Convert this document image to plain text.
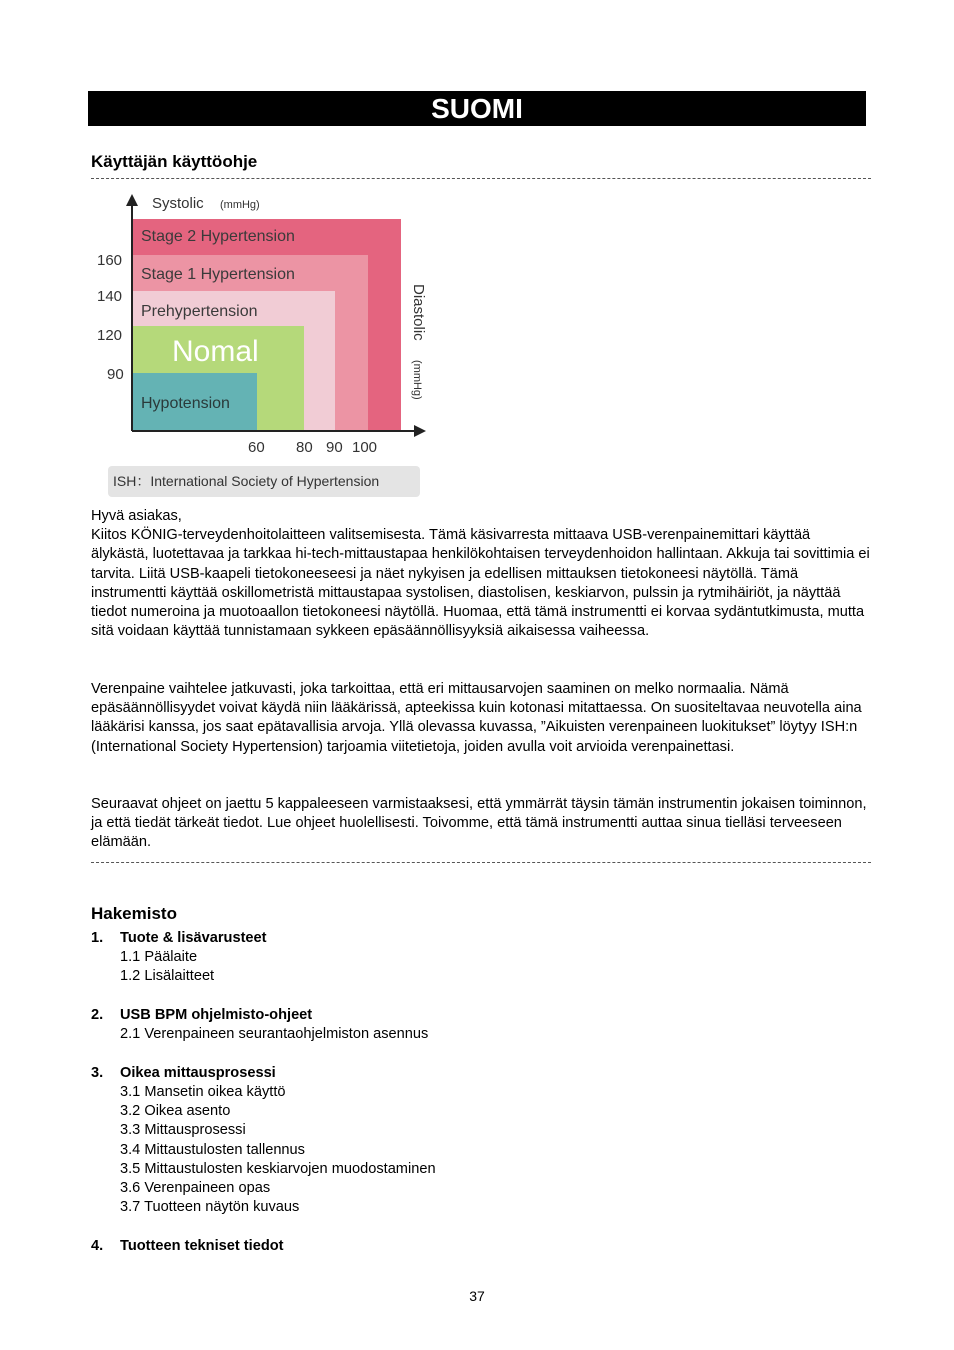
SUOMI
Käyttäjän käyttöohje
Systolic (mmHg)
Diastolic
(mmHg)
160
140
120
90
60 80 90 100
Stage 2 Hypertension
Stage 1 Hypertension
Prehypertension
Nomal
Hypotension
ISH：International Society of Hypertension

Hyvä asiakas,

Kiitos KÖNIG-terveydenhoitolaitteen valitsemisesta. Tämä käsivarresta mittaava USB-verenpainemittari käyttää älykästä, luotettavaa ja tarkkaa hi-tech-mittaustapaa henkilökohtaisen terveydenhoidon hallintaan. Akkuja tai sovittimia ei tarvita. Liitä USB-kaapeli tietokoneeseesi ja näet nykyisen ja edellisen mittauksen tietokoneesi näytöllä. Tämä instrumentti käyttää oskillometristä mittaustapaa systolisen, diastolisen, keskiarvon, pulssin ja rytmihäiriöt, ja näyttää tiedot numeroina ja muotoaallon tietokoneesi näytöllä. Huomaa, että tämä instrumentti ei korvaa sydäntutkimusta, mutta sitä voidaan käyttää tunnistamaan sykkeen epäsäännöllisyyksiä aikaisessa vaiheessa.

Verenpaine vaihtelee jatkuvasti, joka tarkoittaa, että eri mittausarvojen saaminen on melko normaalia. Nämä epäsäännöllisyydet voivat käydä niin lääkärissä, apteekissa kuin kotonasi mitattaessa. On suositeltavaa neuvotella aina lääkärisi kanssa, jos saat epätavallisia arvoja. Yllä olevassa kuvassa, ”Aikuisten verenpaineen luokitukset” löytyy ISH:n (International Society Hypertension) tarjoamia viitetietoja, joiden avulla voit arvioida verenpainettasi.
Seuraavat ohjeet on jaettu 5 kappaleeseen varmistaaksesi, että ymmärrät täysin tämän instrumentin jokaisen toiminnon, ja että tiedät tärkeät tiedot. Lue ohjeet huolellisesti. Toivomme, että tämä instrumentti auttaa sinua tielläsi terveeseen elämään.
Hakemisto
1.	Tuote & lisävarusteet
1.1 Päälaite
1.2 Lisälaitteet
2.	USB BPM ohjelmisto-ohjeet
2.1 Verenpaineen seurantaohjelmiston asennus
3.	Oikea mittausprosessi
3.1 Mansetin oikea käyttö
3.2 Oikea asento
3.3 Mittausprosessi
3.4 Mittaustulosten tallennus
3.5 Mittaustulosten keskiarvojen muodostaminen
3.6 Verenpaineen opas
3.7 Tuotteen näytön kuvaus
4.	Tuotteen tekniset tiedot
37
